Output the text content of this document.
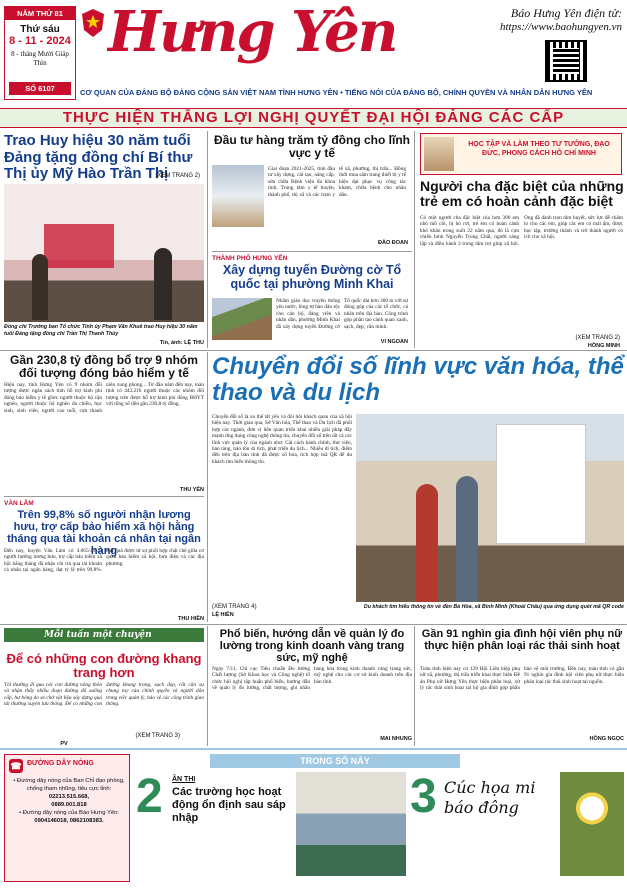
NĂM THỨ 81
Thứ sáu
8 - 11 - 2024
8 - tháng Mười Giáp Thìn
SỐ 6107
Hưng Yên	Báo Hưng Yên điện tử:
https://www.baohungyen.vn
CƠ QUAN CỦA ĐẢNG BỘ ĐẢNG CỘNG SẢN VIỆT NAM TỈNH HƯNG YÊN • TIẾNG NÓI CỦA ĐẢNG BỘ, CHÍNH QUYỀN VÀ NHÂN DÂN HƯNG YÊN
THỰC HIỆN THẮNG LỢI NGHỊ QUYẾT ĐẠI HỘI ĐẢNG CÁC CẤP
Trao Huy hiệu 30 năm tuổi Đảng tặng đồng chí Bí thư Thị ủy Mỹ Hào Trần Thị
(XEM TRANG 2)
Đồng chí Trưởng ban Tổ chức Tỉnh ủy Phạm Văn Khuê trao Huy hiệu 30 năm tuổi Đảng tặng đồng chí Trần Thị Thanh Thủy
Tin, ảnh: LỆ THU
Đầu tư hàng trăm tỷ đồng cho lĩnh vực y tế
Giai đoạn 2021-2025, tỉnh đầu tư xây dựng, cải tạo, nâng cấp, sửa chữa Bệnh viện đa khoa tỉnh, Trung tâm y tế huyện, thành phố, thị xã và các trạm y tế xã, phường, thị trấn... Đồng thời mua sắm trang thiết bị y tế hiện đại phục vụ công tác khám, chữa bệnh cho nhân dân.
ĐÀO ĐOAN
THÀNH PHỐ HƯNG YÊN
Xây dựng tuyến Đường cờ Tổ quốc tại phường Minh Khai
Nhằm giáo dục truyền thống yêu nước, lòng tự hào dân tộc cho cán bộ, đảng viên và nhân dân, phường Minh Khai đã xây dựng tuyến Đường cờ Tổ quốc dài hơn 300 m với sự đóng góp của các tổ chức, cá nhân trên địa bàn. Công trình góp phần tạo cảnh quan xanh, sạch, đẹp, văn minh.
VI NGOAN
HỌC TẬP VÀ LÀM THEO TƯ TƯỞNG, ĐẠO ĐỨC, PHONG CÁCH HỒ CHÍ MINH
Người cha đặc biệt của những trẻ em có hoàn cảnh đặc biệt
Có một người cha đặc biệt của hơn 300 em nhỏ mồ côi, bị bỏ rơi, trẻ em có hoàn cảnh khó khăn trong suốt 22 năm qua, đó là cựu chiến binh Nguyễn Trung Chất, người sáng lập và điều hành 3 trung tâm trợ giúp xã hội. Ông đã dành trọn tâm huyết, sức lực để chăm lo cho các em, giúp các em có mái ấm, được học tập, trưởng thành và trở thành người có ích cho xã hội.
(XEM TRANG 2)
HỒNG MINH
Gần 230,8 tỷ đồng bổ trợ 9 nhóm đối tượng đóng bảo hiểm y tế
Hiện nay, tỉnh Hưng Yên có 9 nhóm đối tượng được ngân sách tỉnh hỗ trợ kinh phí đóng bảo hiểm y tế gồm: người thuộc hộ cận nghèo, người thuộc hộ nghèo đa chiều, học sinh, sinh viên, người cao tuổi, cựu thanh niên xung phong... Từ đầu năm đến nay, toàn tỉnh có 443.216 người thuộc các nhóm đối tượng trên được hỗ trợ kinh phí đóng BHYT với tổng số tiền gần 230,8 tỷ đồng.
THU YẾN
VĂN LÂM
Trên 99,8% số người nhận lương hưu, trợ cấp bảo hiểm xã hội hằng tháng qua tài khoản cá nhân tại ngân hàng
Đến nay, huyện Văn Lâm có 4.065/4.073 người hưởng lương hưu, trợ cấp bảo hiểm xã hội hằng tháng đã nhận chi trả qua tài khoản cá nhân tại ngân hàng, đạt tỷ lệ trên 99,8%. Kết quả được từ sự phối hợp chặt chẽ giữa cơ quan bảo hiểm xã hội, bưu điện và các địa phương.
THU HIỀN
Chuyển đổi số lĩnh vực văn hóa, thể thao và du lịch
Chuyển đổi số là xu thế tất yếu và đòi hỏi khách quan của xã hội hiện nay. Thời gian qua, Sở Văn hóa, Thể thao và Du lịch đã phối hợp các ngành, đơn vị liên quan triển khai nhiều giải pháp đẩy mạnh ứng dụng công nghệ thông tin, chuyển đổi số trên tất cả các lĩnh vực quản lý của ngành như: Cải cách hành chính, thư viện, bảo tàng, bảo tồn di tích, phát triển du lịch... Nhiều di tích, điểm đến trên địa bàn tỉnh đã được số hóa, tích hợp mã QR để du khách tìm hiểu thông tin.
(XEM TRANG 4)
LỆ HIỀN
Du khách tìm hiểu thông tin về đền Bà Hòa, xã Bình Minh (Khoái Châu) qua ứng dụng quét mã QR code
Mỗi tuần một chuyện
Để có những con đường khang trang hơn
Tôi thường đi qua các con đường nông thôn và nhận thấy nhiều đoạn đường đã xuống cấp, hư hỏng do xe chở vật liệu xây dựng quá tải thường xuyên lưu thông. Để có những con đường khang trang, sạch đẹp, rất cần sự chung tay của chính quyền và người dân trong việc quản lý, bảo vệ các công trình giao thông.
(XEM TRANG 3)
PV
Phổ biến, hướng dẫn về quản lý đo lường trong kinh doanh vàng trang sức, mỹ nghệ
Ngày 7/11, Chi cục Tiêu chuẩn Đo lường Chất lượng (Sở Khoa học và Công nghệ) tổ chức hội nghị tập huấn phổ biến, hướng dẫn về quản lý đo lường, chất lượng, ghi nhãn hàng hóa trong kinh doanh vàng trang sức, mỹ nghệ cho các cơ sở kinh doanh trên địa bàn tỉnh.
MAI NHUNG
Gần 91 nghìn gia đình hội viên phụ nữ thực hiện phân loại rác thải sinh hoạt
Toàn tỉnh hiện nay có 129 Hội Liên hiệp phụ nữ xã, phường, thị trấn triển khai thực hiện Đề án Phụ nữ Hưng Yên thực hiện phân loại, xử lý rác thải sinh hoạt tại hộ gia đình góp phần bảo vệ môi trường. Đến nay, toàn tỉnh có gần 91 nghìn gia đình hội viên phụ nữ thực hiện phân loại rác thải sinh hoạt tại nguồn.
HỒNG NGỌC
☎ ĐƯỜNG DÂY NÓNG
• Đường dây nóng của Ban Chỉ đạo phòng, chống tham nhũng, tiêu cực tỉnh:
02213.515.668,
0889.001.818
• Đường dây nóng của Báo Hưng Yên:
0904146018, 0862108383.
TRONG SỐ NÀY
2 ÂN THI
Các trường học hoạt động ổn định sau sáp nhập	3 Cúc họa mi báo đông
